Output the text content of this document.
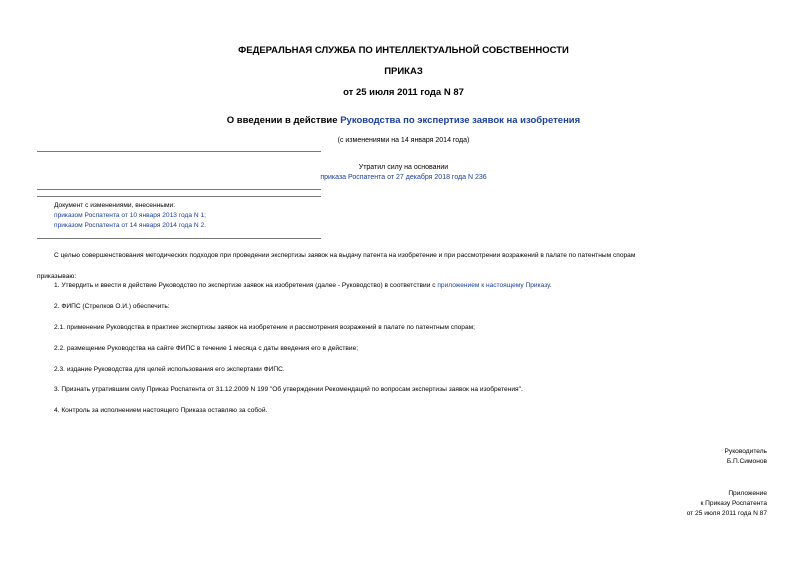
ФЕДЕРАЛЬНАЯ СЛУЖБА ПО ИНТЕЛЛЕКТУАЛЬНОЙ СОБСТВЕННОСТИ
ПРИКАЗ
от 25 июля 2011 года N 87
О введении в действие Руководства по экспертизе заявок на изобретения
(с изменениями на 14 января 2014 года)
Утратил силу на основании
приказа Роспатента от 27 декабря 2018 года N 236
Документ с изменениями, внесенными:
приказом Роспатента от 10 января 2013 года N 1;
приказом Роспатента от 14 января 2014 года N 2.
С целью совершенствования методических подходов при проведении экспертизы заявок на выдачу патента на изобретение и при рассмотрении возражений в палате по патентным спорам
приказываю:
1. Утвердить и ввести в действие Руководство по экспертизе заявок на изобретения (далее - Руководство) в соответствии с приложением к настоящему Приказу.
2. ФИПС (Стрелков О.И.) обеспечить:
2.1. применение Руководства в практике экспертизы заявок на изобретение и рассмотрения возражений в палате по патентным спорам;
2.2. размещение Руководства на сайте ФИПС в течение 1 месяца с даты введения его в действие;
2.3. издание Руководства для целей использования его экспертами ФИПС.
3. Признать утратившим силу Приказ Роспатента от 31.12.2009 N 199 "Об утверждении Рекомендаций по вопросам экспертизы заявок на изобретения".
4. Контроль за исполнением настоящего Приказа оставляю за собой.
Руководитель
Б.П.Симонов
Приложение
к Приказу Роспатента
от 25 июля 2011 года N 87
